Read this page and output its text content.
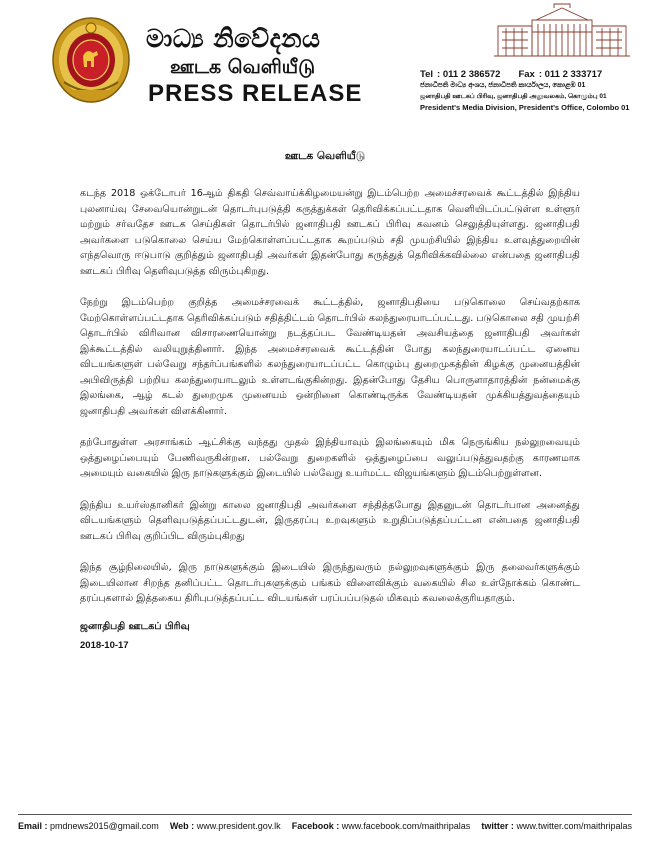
මාධ්‍ය නිවේදනය
ஊடக வெளியீடு
PRESS RELEASE
Tel : 011 2 386572 Fax : 011 2 333717
ජනාධිපති මාධ්‍ය අංශය, ජනාධිපති කාර්යාලය, කොළඹ 01
ஜனாதிபதி ஊடகப் பிரிவு, ஜனாதிபதி அலுவலகம், கொழும்பு 01
President's Media Division, President's Office, Colombo 01
ஊடக வெளியீடு

கடந்த 2018 ஒக்டோபர் 16ஆம் திகதி செவ்வாய்க்கிழமையன்று இடம்பெற்ற அமைச்சரவைக் கூட்டத்தில் இந்திய புலனாய்வு சேவையொன்றுடன் தொடர்புபடுத்தி கருத்துக்கள் தெரிவிக்கப்பட்டதாக வெளியிடப்பட்டுள்ள உள்ளூர் மற்றும் சர்வதேச ஊடக செய்திகள் தொடர்பில் ஜனாதிபதி ஊடகப் பிரிவு கவனம் செலுத்தியுள்ளது. ஜனாதிபதி அவர்களை படுகொலை செய்ய மேற்கொள்ளப்பட்டதாக கூறப்படும் சதி முயற்சியில் இந்திய உளவுத்துறையின் எந்தவொரு ஈடுபாடு குறித்தும் ஜனாதிபதி அவர்கள் இதன்போது கருத்துத் தெரிவிக்கவில்லை என்பதை ஜனாதிபதி ஊடகப் பிரிவு தெளிவுபடுத்த விரும்புகிறது.

நேற்று இடம்பெற்ற குறித்த அமைச்சரவைக் கூட்டத்தில், ஜனாதிபதியை படுகொலை செய்வதற்காக மேற்கொள்ளப்பட்டதாக தெரிவிக்கப்படும் சதித்திட்டம் தொடர்பில் கலந்துரையாடப்பட்டது. படுகொலை சதி முயற்சி தொடர்பில் விரிவான விசாரணையொன்று நடத்தப்பட வேண்டியதன் அவசியத்தை ஜனாதிபதி அவர்கள் இக்கூட்டத்தில் வலியுறுத்தினார். இந்த அமைச்சரவைக் கூட்டத்தின் போது கலந்துரையாடப்பட்ட ஏனைய விடயங்களுள் பல்வேறு சந்தர்ப்பங்களில் கலந்துரையாடப்பட்ட கொழும்பு துறைமுகத்தின் கிழக்கு முனையத்தின் அபிவிருத்தி பற்றிய கலந்துரையாடலும் உள்ளடங்குகின்றது. இதன்போது தேசிய பொருளாதாரத்தின் நன்மைக்கு இலங்கை, ஆழ் கடல் துறைமுக முனையம் ஒன்றினை கொண்டிருக்க வேண்டியதன் முக்கியத்துவத்தையும் ஜனாதிபதி அவர்கள் விளக்கினார்.

தற்போதுள்ள அரசாங்கம் ஆட்சிக்கு வந்தது முதல் இந்தியாவும் இலங்கையும் மிக நெருங்கிய நல்லுறவையும் ஒத்துழைப்பையும் பேணிவருகின்றன. பல்வேறு துறைகளில் ஒத்துழைப்பை வலுப்படுத்துவதற்கு காரணமாக அமையும் வகையில் இரு நாடுகளுக்கும் இடையில் பல்வேறு உயர்மட்ட விஜயங்களும் இடம்பெற்றுள்ளன.

இந்திய உயர்ஸ்தானிகர் இன்று காலை ஜனாதிபதி அவர்களை சந்தித்தபோது இதனுடன் தொடர்பான அனைத்து விடயங்களும் தெளிவுபடுத்தப்பட்டதுடன், இருதரப்பு உறவுகளும் உறுதிப்படுத்தப்பட்டன என்பதை ஜனாதிபதி ஊடகப் பிரிவு குறிப்பிட விரும்புகிறது

இந்த சூழ்நிலையில், இரு நாடுகளுக்கும் இடையில் இருந்துவரும் நல்லுறவுகளுக்கும் இரு தலைவர்களுக்கும் இடையிலான சிறந்த தனிப்பட்ட தொடர்புகளுக்கும் பங்கம் விளைவிக்கும் வகையில் சில உள்நோக்கம் கொண்ட தரப்புகளால் இத்தகைய திரிபுபடுத்தப்பட்ட விடயங்கள் பரப்பப்படுதல் மிகவும் கவலைக்குரியதாகும்.

ஜனாதிபதி ஊடகப் பிரிவு
2018-10-17
Email : pmdnews2015@gmail.com Web : www.president.gov.lk Facebook : www.facebook.com/maithripalas twitter : www.twitter.com/maithripalas
